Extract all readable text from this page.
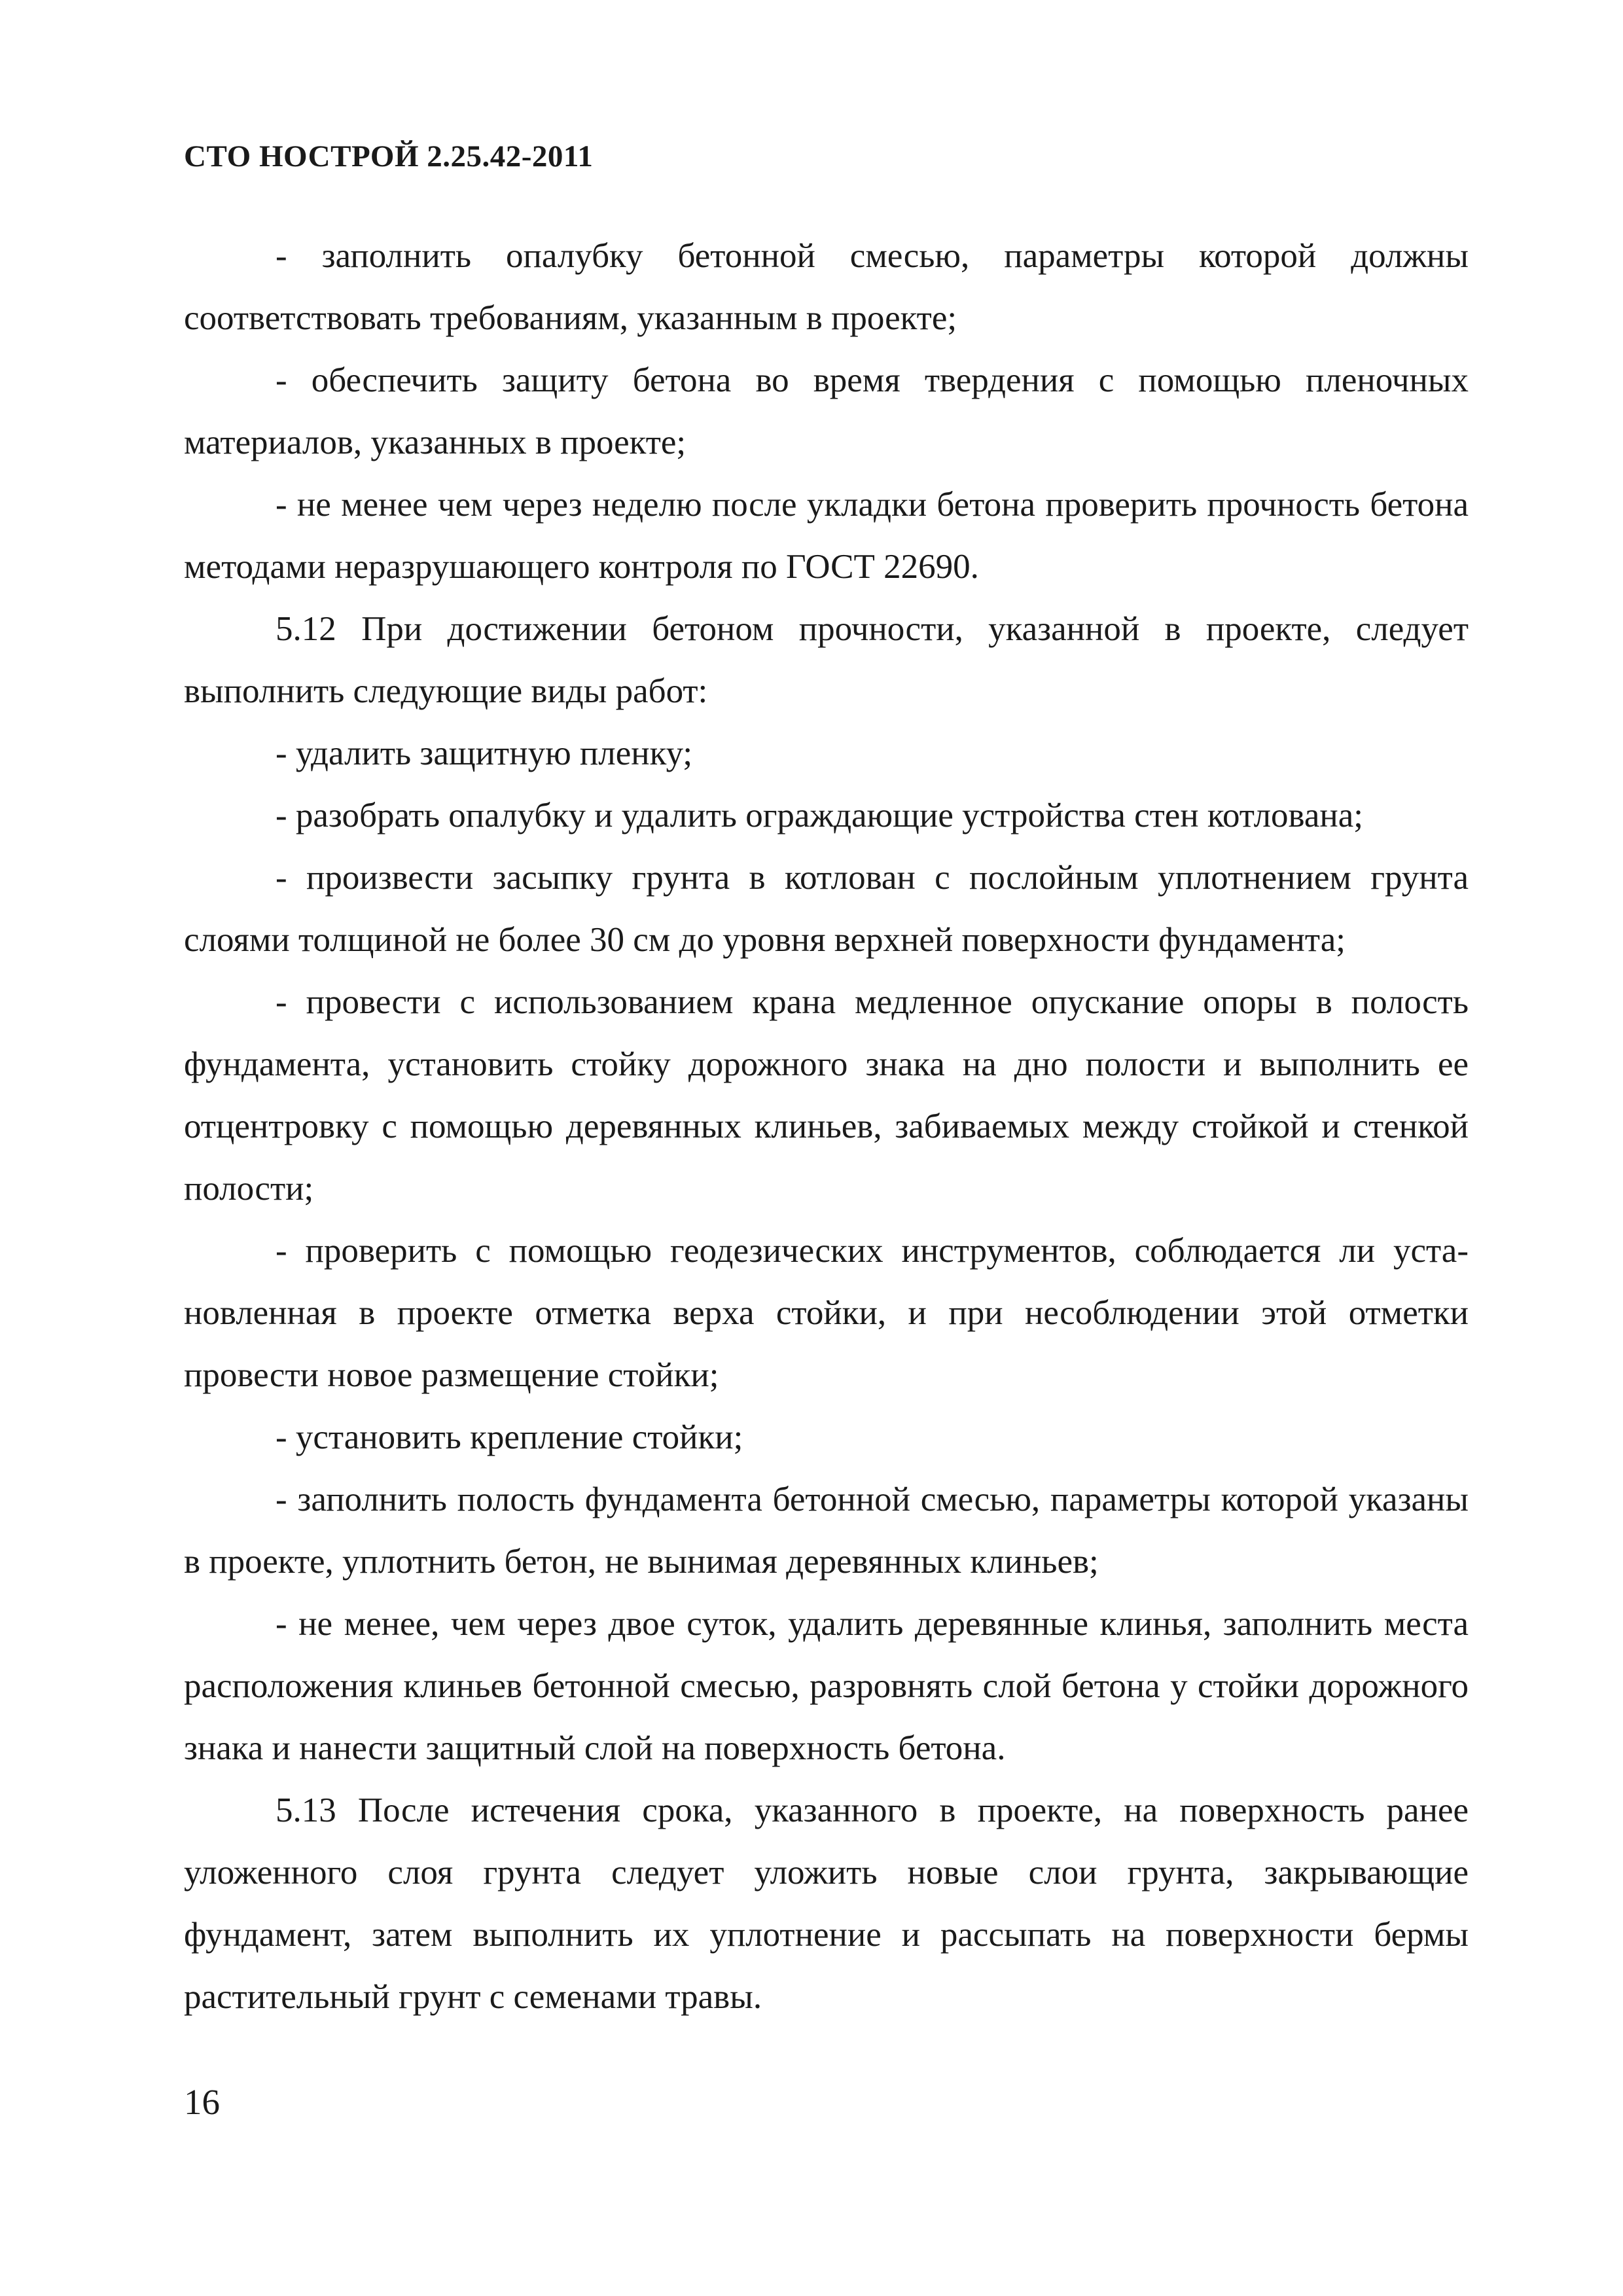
СТО НОСТРОЙ 2.25.42-2011

- заполнить опалубку бетонной смесью, параметры которой должны соответствовать требованиям, указанным в проекте;

- обеспечить защиту бетона во время твердения с помощью пленочных материалов, указанных в проекте;

- не менее чем через неделю после укладки бетона проверить прочность бетона методами неразрушающего контроля по ГОСТ 22690.

5.12 При достижении бетоном прочности, указанной в проекте, следует выполнить следующие виды работ:

- удалить защитную пленку;

- разобрать опалубку и удалить ограждающие устройства стен котлована;

- произвести засыпку грунта в котлован с послойным уплотнением грунта слоями толщиной не более 30 см до уровня верхней поверхности фундамента;

- провести с использованием крана медленное опускание опоры в полость фундамента, установить стойку дорожного знака на дно полости и выполнить ее отцентровку с помощью деревянных клиньев, забиваемых между стойкой и стенкой полости;

- проверить с помощью геодезических инструментов, соблюдается ли установленная в проекте отметка верха стойки, и при несоблюдении этой отметки провести новое размещение стойки;

- установить крепление стойки;

- заполнить полость фундамента бетонной смесью, параметры которой указаны в проекте, уплотнить бетон, не вынимая деревянных клиньев;

- не менее, чем через двое суток, удалить деревянные клинья, заполнить места расположения клиньев бетонной смесью, разровнять слой бетона у стойки дорожного знака и нанести защитный слой на поверхность бетона.

5.13 После истечения срока, указанного в проекте, на поверхность ранее уложенного слоя грунта следует уложить новые слои грунта, закрывающие фундамент, затем выполнить их уплотнение и рассыпать на поверхности бермы растительный грунт с семенами травы.

16
